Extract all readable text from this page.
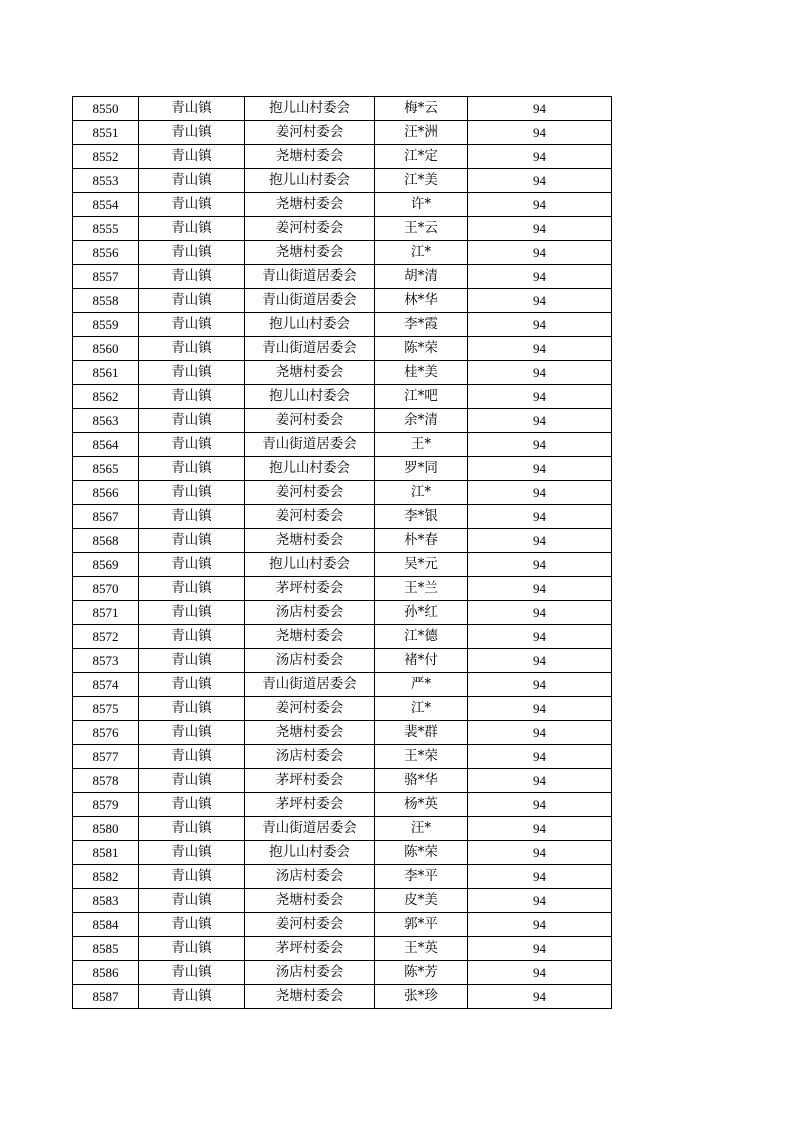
8550	青山镇	抱儿山村委会	梅*云	94
8551	青山镇	姜河村委会	汪*洲	94
8552	青山镇	尧塘村委会	江*定	94
8553	青山镇	抱儿山村委会	江*美	94
8554	青山镇	尧塘村委会	许*	94
8555	青山镇	姜河村委会	王*云	94
8556	青山镇	尧塘村委会	江*	94
8557	青山镇	青山街道居委会	胡*清	94
8558	青山镇	青山街道居委会	林*华	94
8559	青山镇	抱儿山村委会	李*霞	94
8560	青山镇	青山街道居委会	陈*荣	94
8561	青山镇	尧塘村委会	桂*美	94
8562	青山镇	抱儿山村委会	江*吧	94
8563	青山镇	姜河村委会	余*清	94
8564	青山镇	青山街道居委会	王*	94
8565	青山镇	抱儿山村委会	罗*同	94
8566	青山镇	姜河村委会	江*	94
8567	青山镇	姜河村委会	李*银	94
8568	青山镇	尧塘村委会	朴*春	94
8569	青山镇	抱儿山村委会	吴*元	94
8570	青山镇	茅坪村委会	王*兰	94
8571	青山镇	汤店村委会	孙*红	94
8572	青山镇	尧塘村委会	江*德	94
8573	青山镇	汤店村委会	褚*付	94
8574	青山镇	青山街道居委会	严*	94
8575	青山镇	姜河村委会	江*	94
8576	青山镇	尧塘村委会	裴*群	94
8577	青山镇	汤店村委会	王*荣	94
8578	青山镇	茅坪村委会	骆*华	94
8579	青山镇	茅坪村委会	杨*英	94
8580	青山镇	青山街道居委会	汪*	94
8581	青山镇	抱儿山村委会	陈*荣	94
8582	青山镇	汤店村委会	李*平	94
8583	青山镇	尧塘村委会	皮*美	94
8584	青山镇	姜河村委会	郭*平	94
8585	青山镇	茅坪村委会	王*英	94
8586	青山镇	汤店村委会	陈*芳	94
8587	青山镇	尧塘村委会	张*珍	94
